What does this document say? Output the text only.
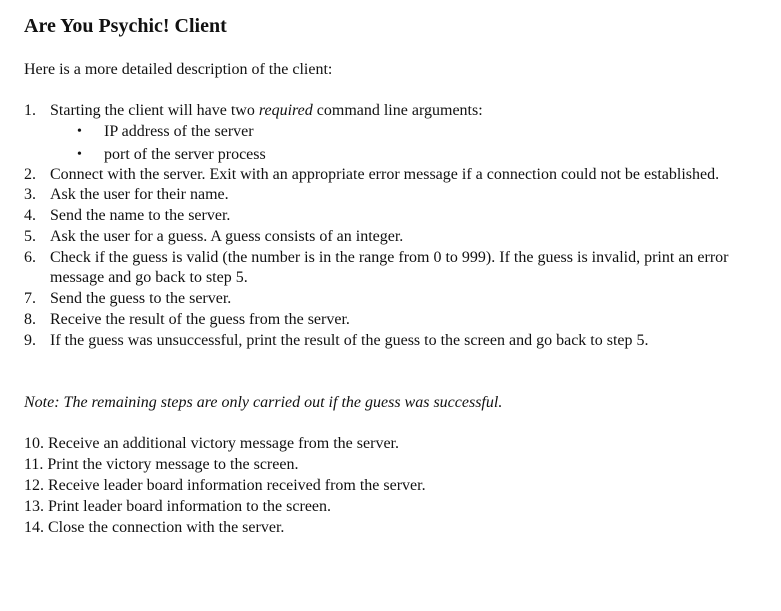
Are You Psychic! Client

Here is a more detailed description of the client:

1. Starting the client will have two required command line arguments:
• IP address of the server
• port of the server process
2. Connect with the server. Exit with an appropriate error message if a connection could not be established.
3. Ask the user for their name.
4. Send the name to the server.
5. Ask the user for a guess. A guess consists of an integer.
6. Check if the guess is valid (the number is in the range from 0 to 999). If the guess is invalid, print an error message and go back to step 5.
7. Send the guess to the server.
8. Receive the result of the guess from the server.
9. If the guess was unsuccessful, print the result of the guess to the screen and go back to step 5.

Note: The remaining steps are only carried out if the guess was successful.

10. Receive an additional victory message from the server.
11. Print the victory message to the screen.
12. Receive leader board information received from the server.
13. Print leader board information to the screen.
14. Close the connection with the server.
